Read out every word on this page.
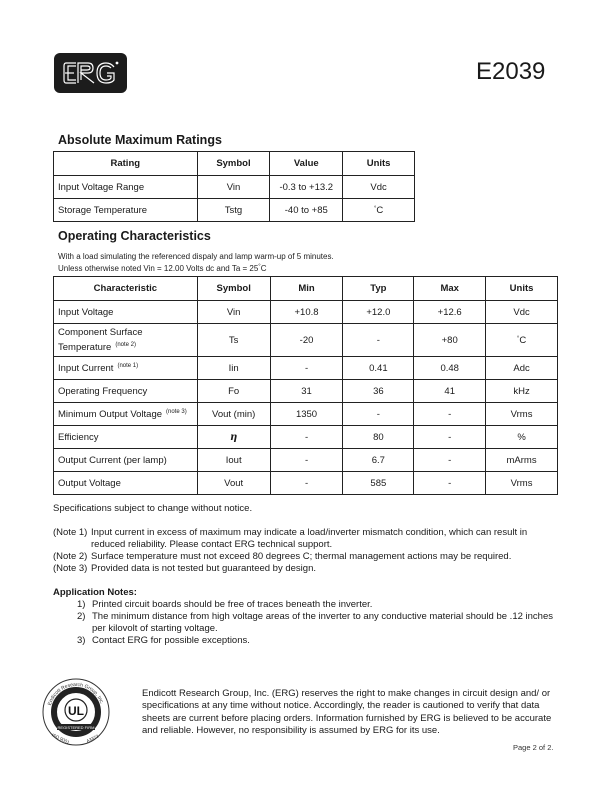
E2039
Absolute Maximum Ratings
Rating	Symbol	Value	Units
Input Voltage Range	Vin	-0.3 to +13.2	Vdc
Storage Temperature	Tstg	-40 to +85	°C
Operating Characteristics
With a load simulating the referenced dispaly and lamp warm-up of 5 minutes.
Unless otherwise noted Vin = 12.00 Volts dc and Ta = 25°C
Characteristic	Symbol	Min	Typ	Max	Units
Input Voltage	Vin	+10.8	+12.0	+12.6	Vdc

Component Surface
Temperature $^{(note 2)}$	Ts	-20	-	+80	°C
Input Current $^{(note 1)}$	Iin	-	0.41	0.48	Adc
Operating Frequency	Fo	31	36	41	kHz
Minimum Output Voltage $^{(note 3)}$	Vout (min)	1350	-	-	Vrms
Efficiency	η	-	80	-	%
Output Current (per lamp)	Iout	-	6.7	-	mArms
Output Voltage	Vout	-	585	-	Vrms
Specifications subject to change without notice.
(Note 1) Input current in excess of maximum may indicate a load/inverter mismatch condition, which can result in reduced reliability. Please contact ERG technical support.
(Note 2) Surface temperature must not exceed 80 degrees C; thermal management actions may be required.
(Note 3) Provided data is not tested but guaranteed by design.
Application Notes:
1) Printed circuit boards should be free of traces beneath the inverter.
2) The minimum distance from high voltage areas of the inverter to any conductive material should be .12 inches per kilovolt of starting voltage.
3) Contact ERG for possible exceptions.
Endicott Research Group, Inc.
UL
REGISTERED FIRM
ISO 9001	A3373
Endicott Research Group, Inc. (ERG) reserves the right to make changes in circuit design and/ or specifications at any time without notice. Accordingly, the reader is cautioned to verify that data sheets are current before placing orders. Information furnished by ERG is believed to be accurate and reliable. However, no responsibility is assumed by ERG for its use.
Page 2 of 2.
